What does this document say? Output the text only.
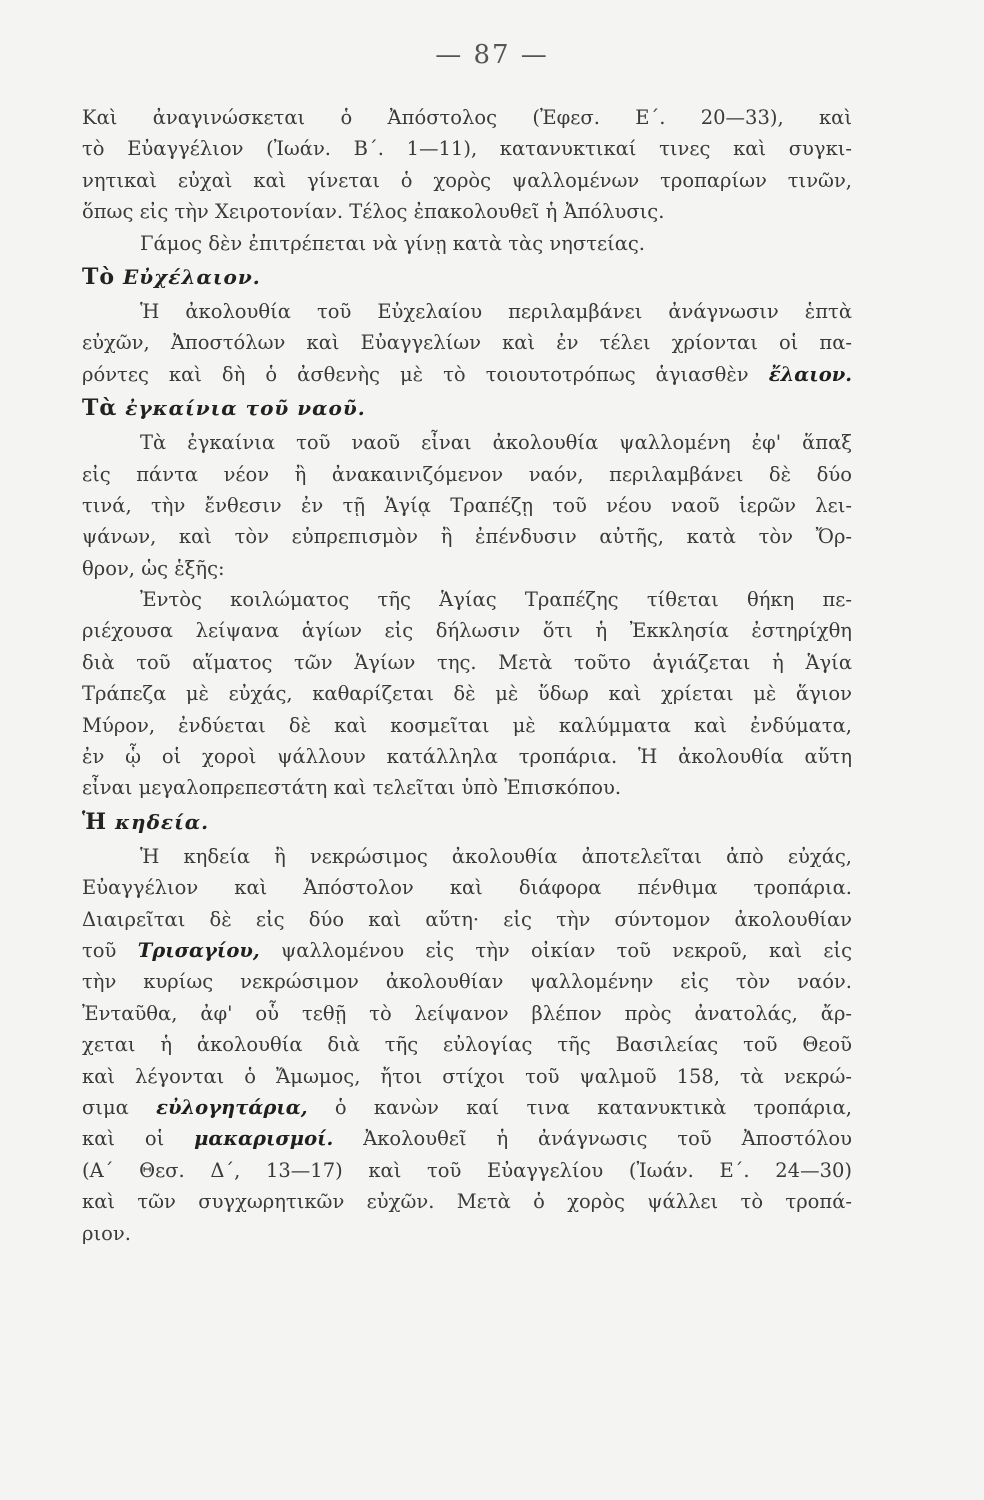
— 87 —
Καὶ ἀναγινώσκεται ὁ Ἀπόστολος (Ἐφεσ. Ε΄. 20—33), καὶ
τὸ Εὐαγγέλιον (Ἰωάν. Β΄. 1—11), κατανυκτικαί τινες καὶ συγκι-
νητικαὶ εὐχαὶ καὶ γίνεται ὁ χορὸς ψαλλομένων τροπαρίων τινῶν,
ὅπως εἰς τὴν Χειροτονίαν. Τέλος ἐπακολουθεῖ ἡ Ἀπόλυσις.
Γάμος δὲν ἐπιτρέπεται νὰ γίνῃ κατὰ τὰς νηστείας.
Τὸ Εὐχέλαιον.
Ἡ ἀκολουθία τοῦ Εὐχελαίου περιλαμβάνει ἀνάγνωσιν ἑπτὰ
εὐχῶν, Ἀποστόλων καὶ Εὐαγγελίων καὶ ἐν τέλει χρίονται οἱ πα-
ρόντες καὶ δὴ ὁ ἀσθενὴς μὲ τὸ τοιουτοτρόπως ἁγιασθὲν ἔλαιον.
Τὰ ἐγκαίνια τοῦ ναοῦ.
Τὰ ἐγκαίνια τοῦ ναοῦ εἶναι ἀκολουθία ψαλλομένη ἐφ' ἅπαξ
εἰς πάντα νέον ἢ ἀνακαινιζόμενον ναόν, περιλαμβάνει δὲ δύο
τινά, τὴν ἔνθεσιν ἐν τῇ Ἁγίᾳ Τραπέζῃ τοῦ νέου ναοῦ ἱερῶν λει-
ψάνων, καὶ τὸν εὐπρεπισμὸν ἢ ἐπένδυσιν αὐτῆς, κατὰ τὸν Ὄρ-
θρον, ὡς ἑξῆς:
Ἐντὸς κοιλώματος τῆς Ἁγίας Τραπέζης τίθεται θήκη πε-
ριέχουσα λείψανα ἁγίων εἰς δήλωσιν ὅτι ἡ Ἐκκλησία ἐστηρίχθη
διὰ τοῦ αἵματος τῶν Ἁγίων της. Μετὰ τοῦτο ἁγιάζεται ἡ Ἁγία
Τράπεζα μὲ εὐχάς, καθαρίζεται δὲ μὲ ὕδωρ καὶ χρίεται μὲ ἅγιον
Μύρον, ἐνδύεται δὲ καὶ κοσμεῖται μὲ καλύμματα καὶ ἐνδύματα,
ἐν ᾧ οἱ χοροὶ ψάλλουν κατάλληλα τροπάρια. Ἡ ἀκολουθία αὕτη
εἶναι μεγαλοπρεπεστάτη καὶ τελεῖται ὑπὸ Ἐπισκόπου.
Ἡ κηδεία.
Ἡ κηδεία ἢ νεκρώσιμος ἀκολουθία ἀποτελεῖται ἀπὸ εὐχάς,
Εὐαγγέλιον καὶ Ἀπόστολον καὶ διάφορα πένθιμα τροπάρια.
Διαιρεῖται δὲ εἰς δύο καὶ αὕτη· εἰς τὴν σύντομον ἀκολουθίαν
τοῦ Τρισαγίου, ψαλλομένου εἰς τὴν οἰκίαν τοῦ νεκροῦ, καὶ εἰς
τὴν κυρίως νεκρώσιμον ἀκολουθίαν ψαλλομένην εἰς τὸν ναόν.
Ἐνταῦθα, ἀφ' οὗ τεθῇ τὸ λείψανον βλέπον πρὸς ἀνατολάς, ἄρ-
χεται ἡ ἀκολουθία διὰ τῆς εὐλογίας τῆς Βασιλείας τοῦ Θεοῦ
καὶ λέγονται ὁ Ἄμωμος, ἤτοι στίχοι τοῦ ψαλμοῦ 158, τὰ νεκρώ-
σιμα εὐλογητάρια, ὁ κανὼν καί τινα κατανυκτικὰ τροπάρια,
καὶ οἱ μακαρισμοί. Ἀκολουθεῖ ἡ ἀνάγνωσις τοῦ Ἀποστόλου
(Α΄ Θεσ. Δ΄, 13—17) καὶ τοῦ Εὐαγγελίου (Ἰωάν. Ε΄. 24—30)
καὶ τῶν συγχωρητικῶν εὐχῶν. Μετὰ ὁ χορὸς ψάλλει τὸ τροπά-
ριον.
